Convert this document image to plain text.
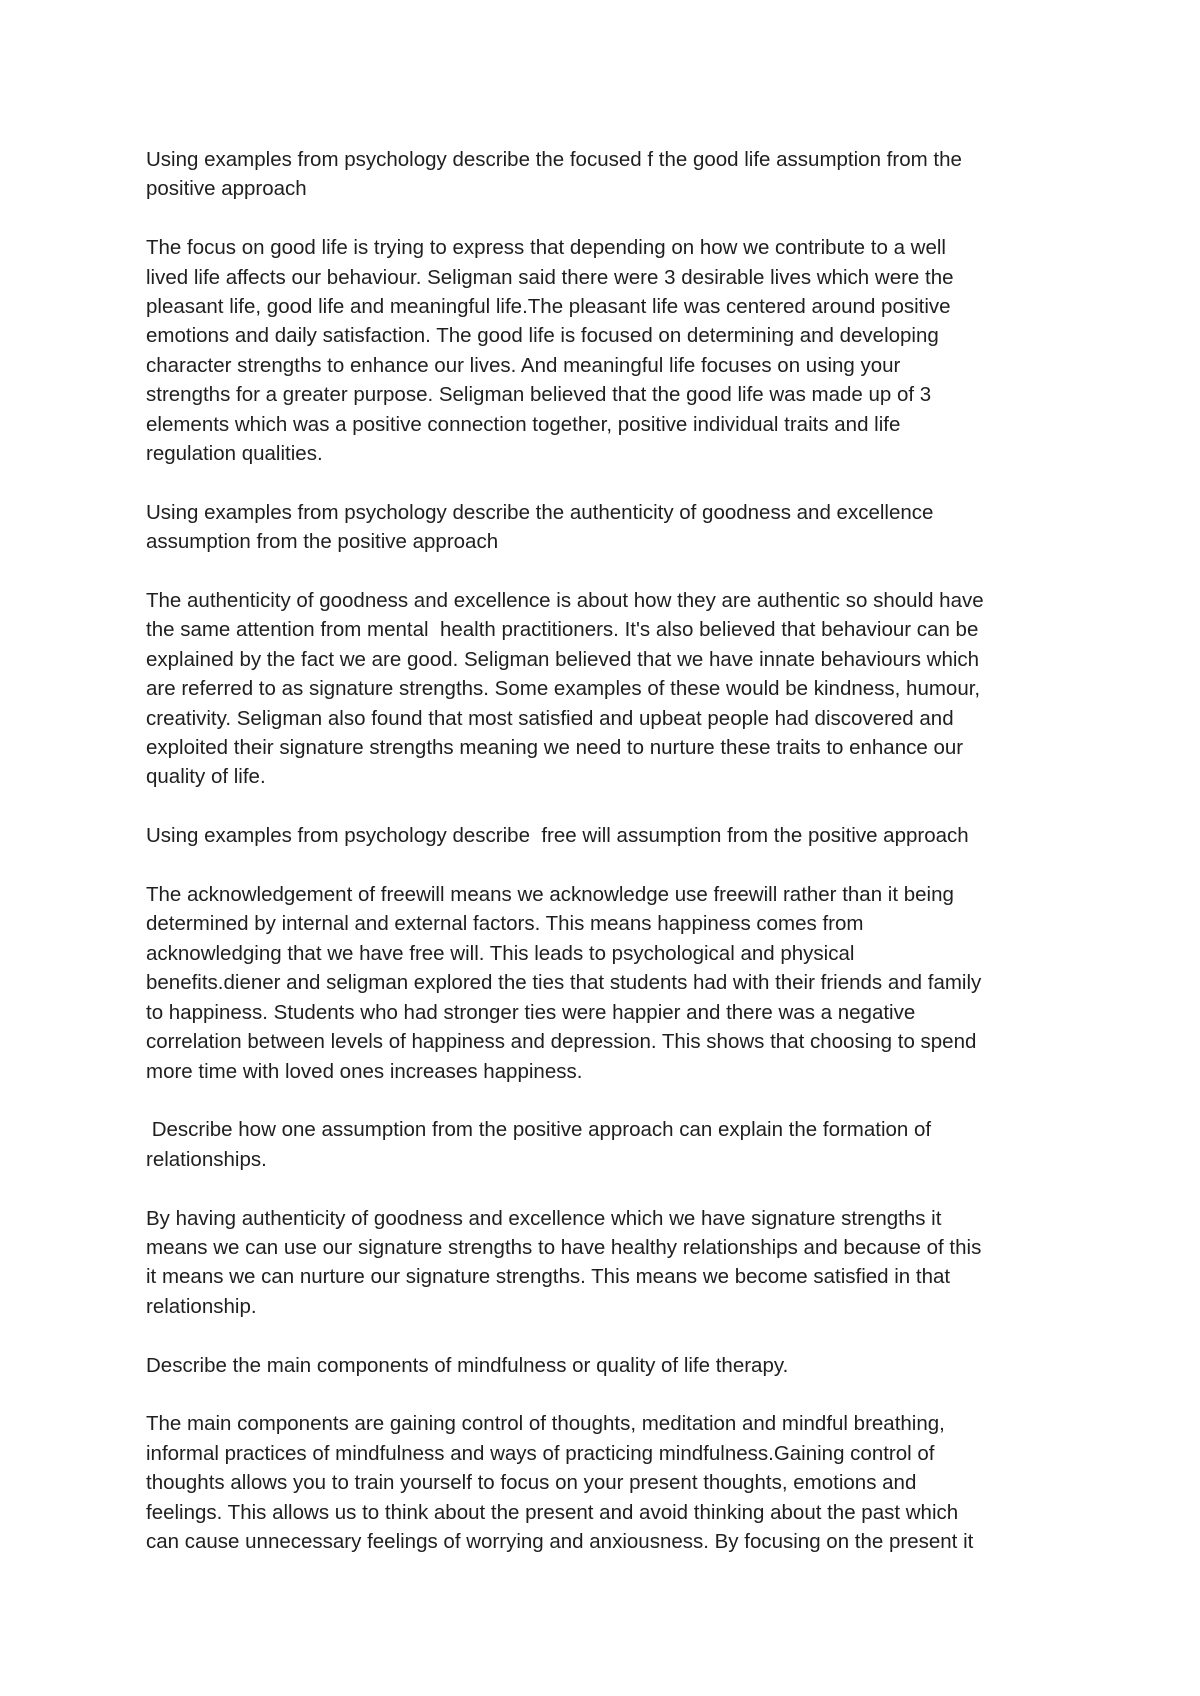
Using examples from psychology describe the focused f the good life assumption from the
positive approach
The focus on good life is trying to express that depending on how we contribute to a well
lived life affects our behaviour. Seligman said there were 3 desirable lives which were the
pleasant life, good life and meaningful life.The pleasant life was centered around positive
emotions and daily satisfaction. The good life is focused on determining and developing
character strengths to enhance our lives. And meaningful life focuses on using your
strengths for a greater purpose. Seligman believed that the good life was made up of 3
elements which was a positive connection together, positive individual traits and life
regulation qualities.
Using examples from psychology describe the authenticity of goodness and excellence
assumption from the positive approach
The authenticity of goodness and excellence is about how they are authentic so should have
the same attention from mental  health practitioners. It's also believed that behaviour can be
explained by the fact we are good. Seligman believed that we have innate behaviours which
are referred to as signature strengths. Some examples of these would be kindness, humour,
creativity. Seligman also found that most satisfied and upbeat people had discovered and
exploited their signature strengths meaning we need to nurture these traits to enhance our
quality of life.
Using examples from psychology describe  free will assumption from the positive approach
The acknowledgement of freewill means we acknowledge use freewill rather than it being
determined by internal and external factors. This means happiness comes from
acknowledging that we have free will. This leads to psychological and physical
benefits.diener and seligman explored the ties that students had with their friends and family
to happiness. Students who had stronger ties were happier and there was a negative
correlation between levels of happiness and depression. This shows that choosing to spend
more time with loved ones increases happiness.
Describe how one assumption from the positive approach can explain the formation of
relationships.
By having authenticity of goodness and excellence which we have signature strengths it
means we can use our signature strengths to have healthy relationships and because of this
it means we can nurture our signature strengths. This means we become satisfied in that
relationship.
Describe the main components of mindfulness or quality of life therapy.
The main components are gaining control of thoughts, meditation and mindful breathing,
informal practices of mindfulness and ways of practicing mindfulness.Gaining control of
thoughts allows you to train yourself to focus on your present thoughts, emotions and
feelings. This allows us to think about the present and avoid thinking about the past which
can cause unnecessary feelings of worrying and anxiousness. By focusing on the present it
